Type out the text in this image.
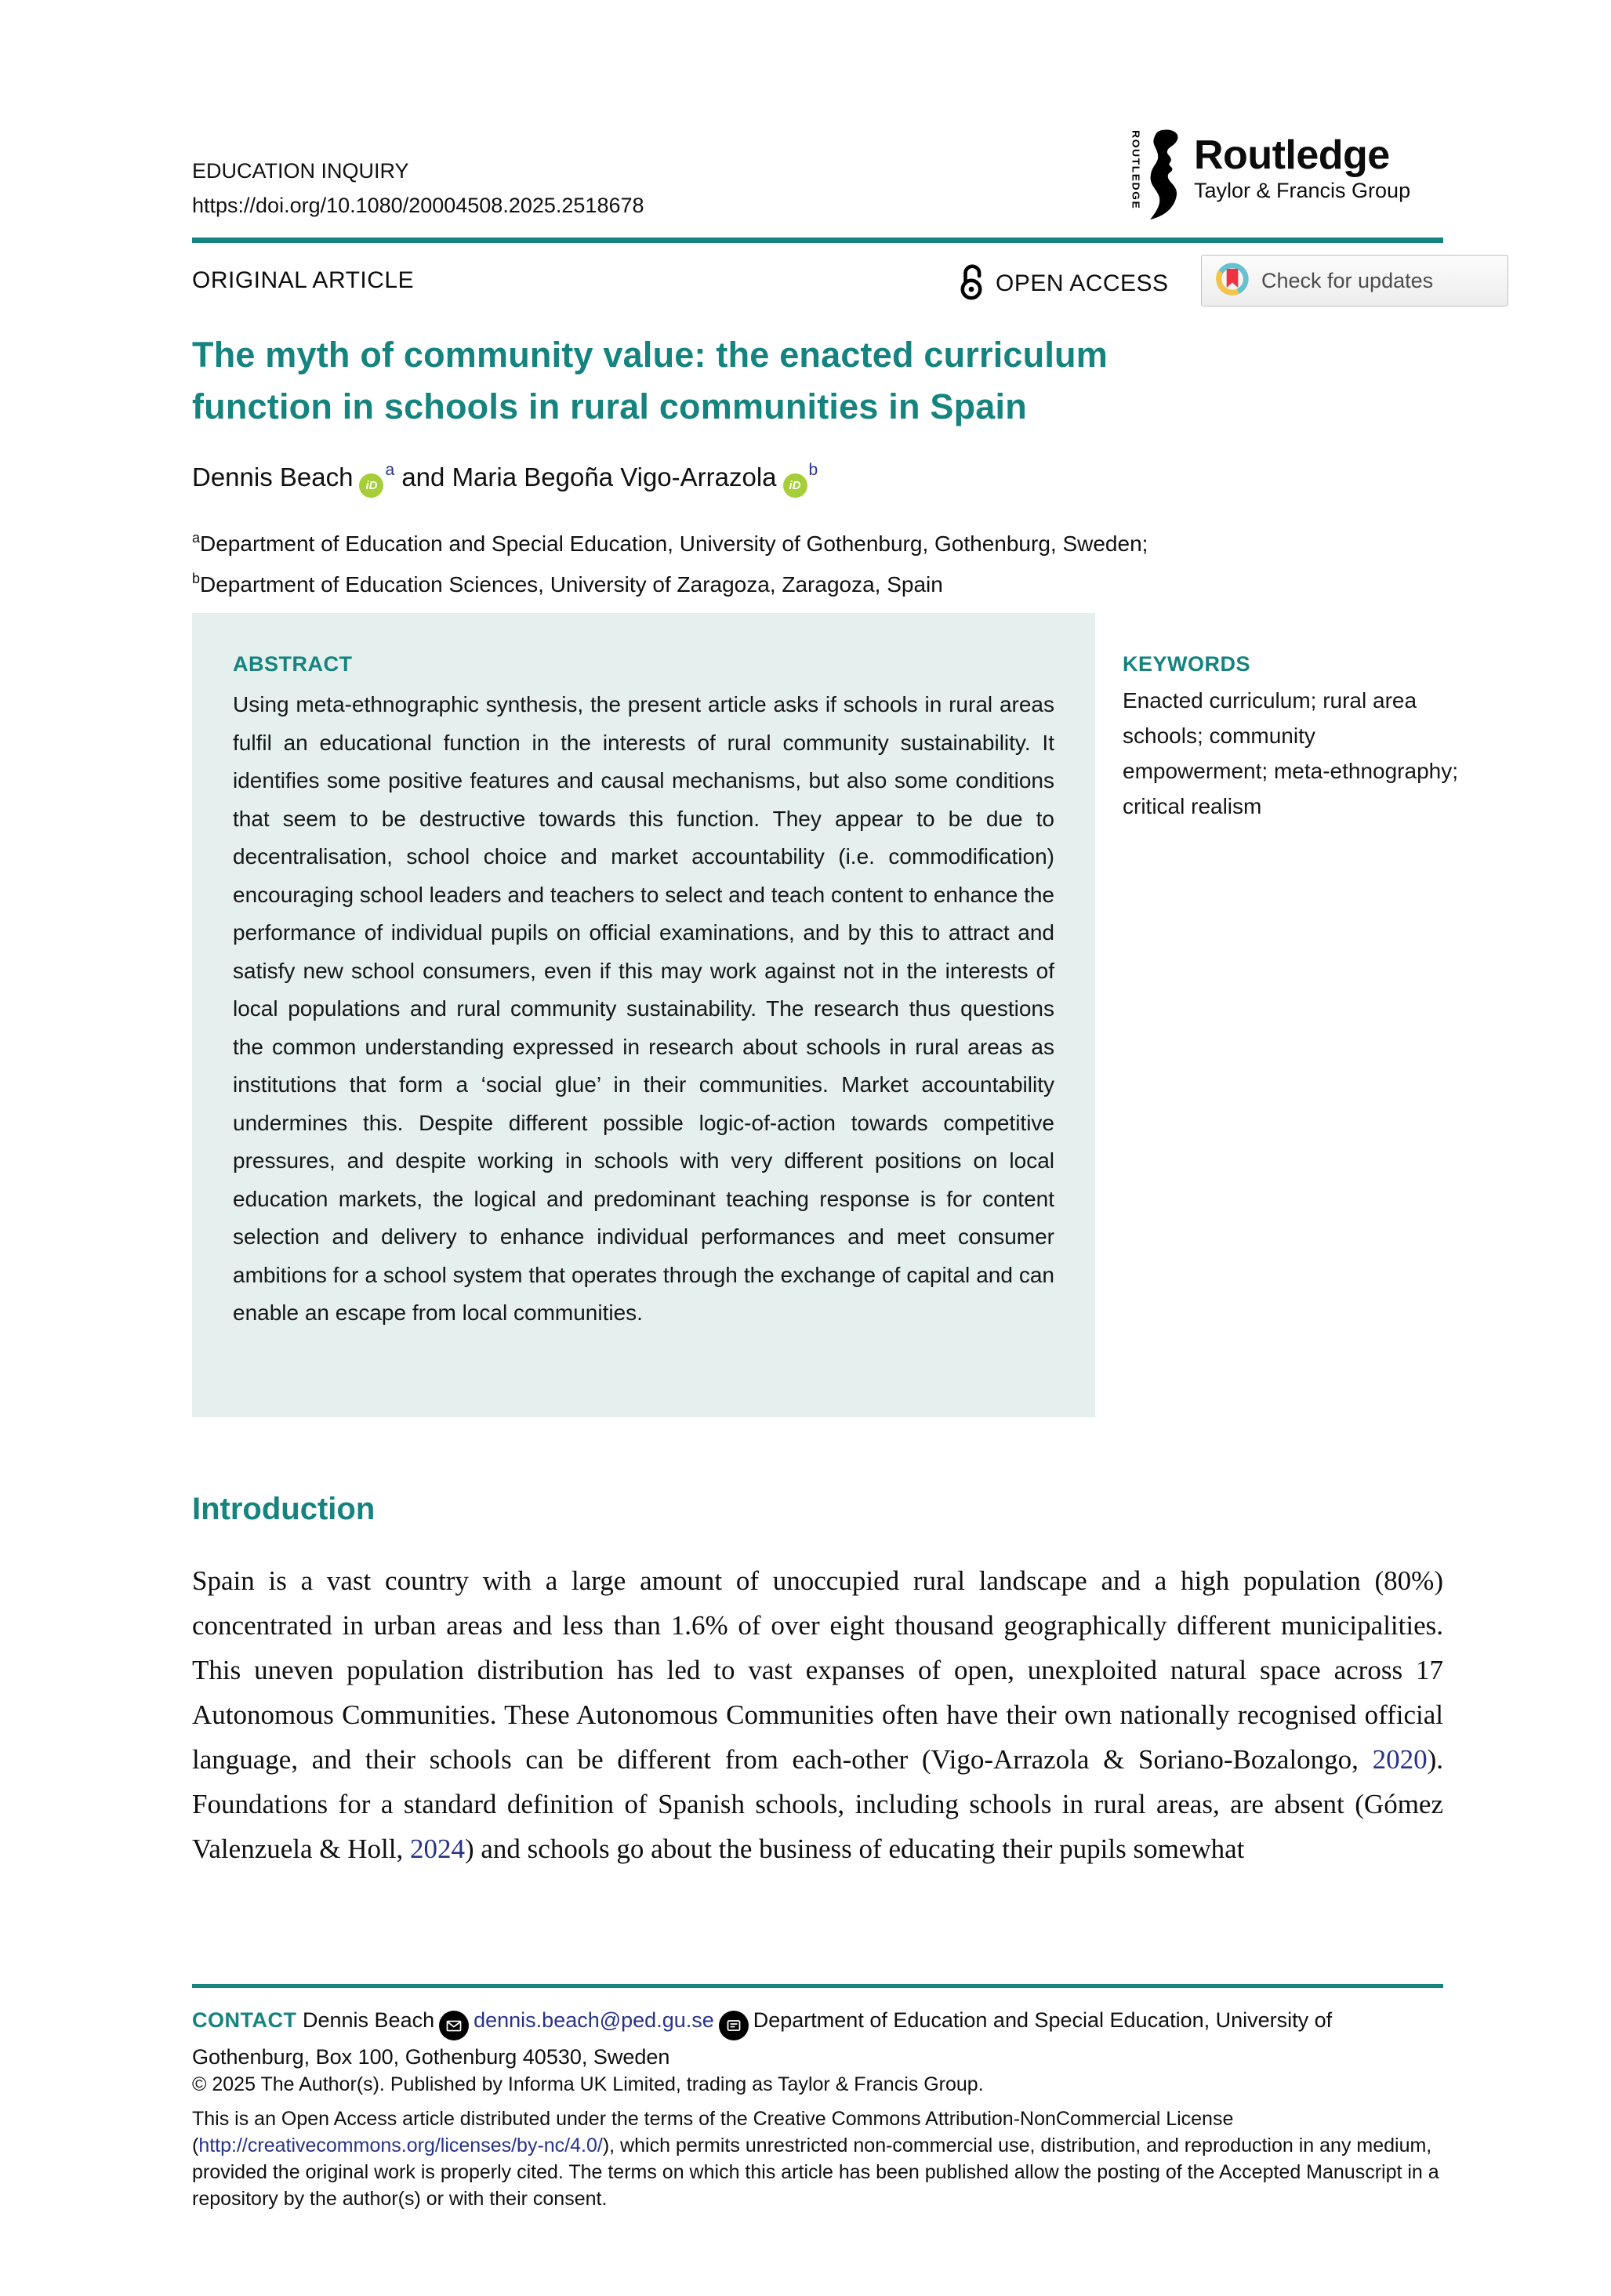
EDUCATION INQUIRY
https://doi.org/10.1080/20004508.2025.2518678	ROUTLEDGE Routledge
Taylor & Francis Group
ORIGINAL ARTICLE	OPEN ACCESS	Check for updates
The myth of community value: the enacted curriculum function in schools in rural communities in Spain
Dennis Beach $iD^a$ and Maria Begoña Vigo-Arrazola $iD^b$
$^a$Department of Education and Special Education, University of Gothenburg, Gothenburg, Sweden;
$^b$Department of Education Sciences, University of Zaragoza, Zaragoza, Spain
ABSTRACT
Using meta-ethnographic synthesis, the present article asks if schools in rural areas fulfil an educational function in the interests of rural community sustainability. It identifies some positive features and causal mechanisms, but also some conditions that seem to be destructive towards this function. They appear to be due to decentralisation, school choice and market accountability (i.e. commodification) encouraging school leaders and teachers to select and teach content to enhance the performance of individual pupils on official examinations, and by this to attract and satisfy new school consumers, even if this may work against not in the interests of local populations and rural community sustainability. The research thus questions the common understanding expressed in research about schools in rural areas as institutions that form a ‘social glue’ in their communities. Market accountability undermines this. Despite different possible logic-of-action towards competitive pressures, and despite working in schools with very different positions on local education markets, the logical and predominant teaching response is for content selection and delivery to enhance individual performances and meet consumer ambitions for a school system that operates through the exchange of capital and can enable an escape from local communities.
KEYWORDS
Enacted curriculum; rural area schools; community empowerment; meta-ethnography; critical realism
Introduction

Spain is a vast country with a large amount of unoccupied rural landscape and a high population (80%) concentrated in urban areas and less than 1.6% of over eight thousand geographically different municipalities. This uneven population distribution has led to vast expanses of open, unexploited natural space across 17 Autonomous Communities. These Autonomous Communities often have their own nationally recognised official language, and their schools can be different from each-other (Vigo-Arrazola & Soriano-Bozalongo, 2020). Foundations for a standard definition of Spanish schools, including schools in rural areas, are absent (Gómez Valenzuela & Holl, 2024) and schools go about the business of educating their pupils somewhat

CONTACT Dennis Beach dennis.beach@ped.gu.se Department of Education and Special Education, University of Gothenburg, Box 100, Gothenburg 40530, Sweden
© 2025 The Author(s). Published by Informa UK Limited, trading as Taylor & Francis Group.
This is an Open Access article distributed under the terms of the Creative Commons Attribution-NonCommercial License (http://creativecommons.org/licenses/by-nc/4.0/), which permits unrestricted non-commercial use, distribution, and reproduction in any medium, provided the original work is properly cited. The terms on which this article has been published allow the posting of the Accepted Manuscript in a repository by the author(s) or with their consent.
